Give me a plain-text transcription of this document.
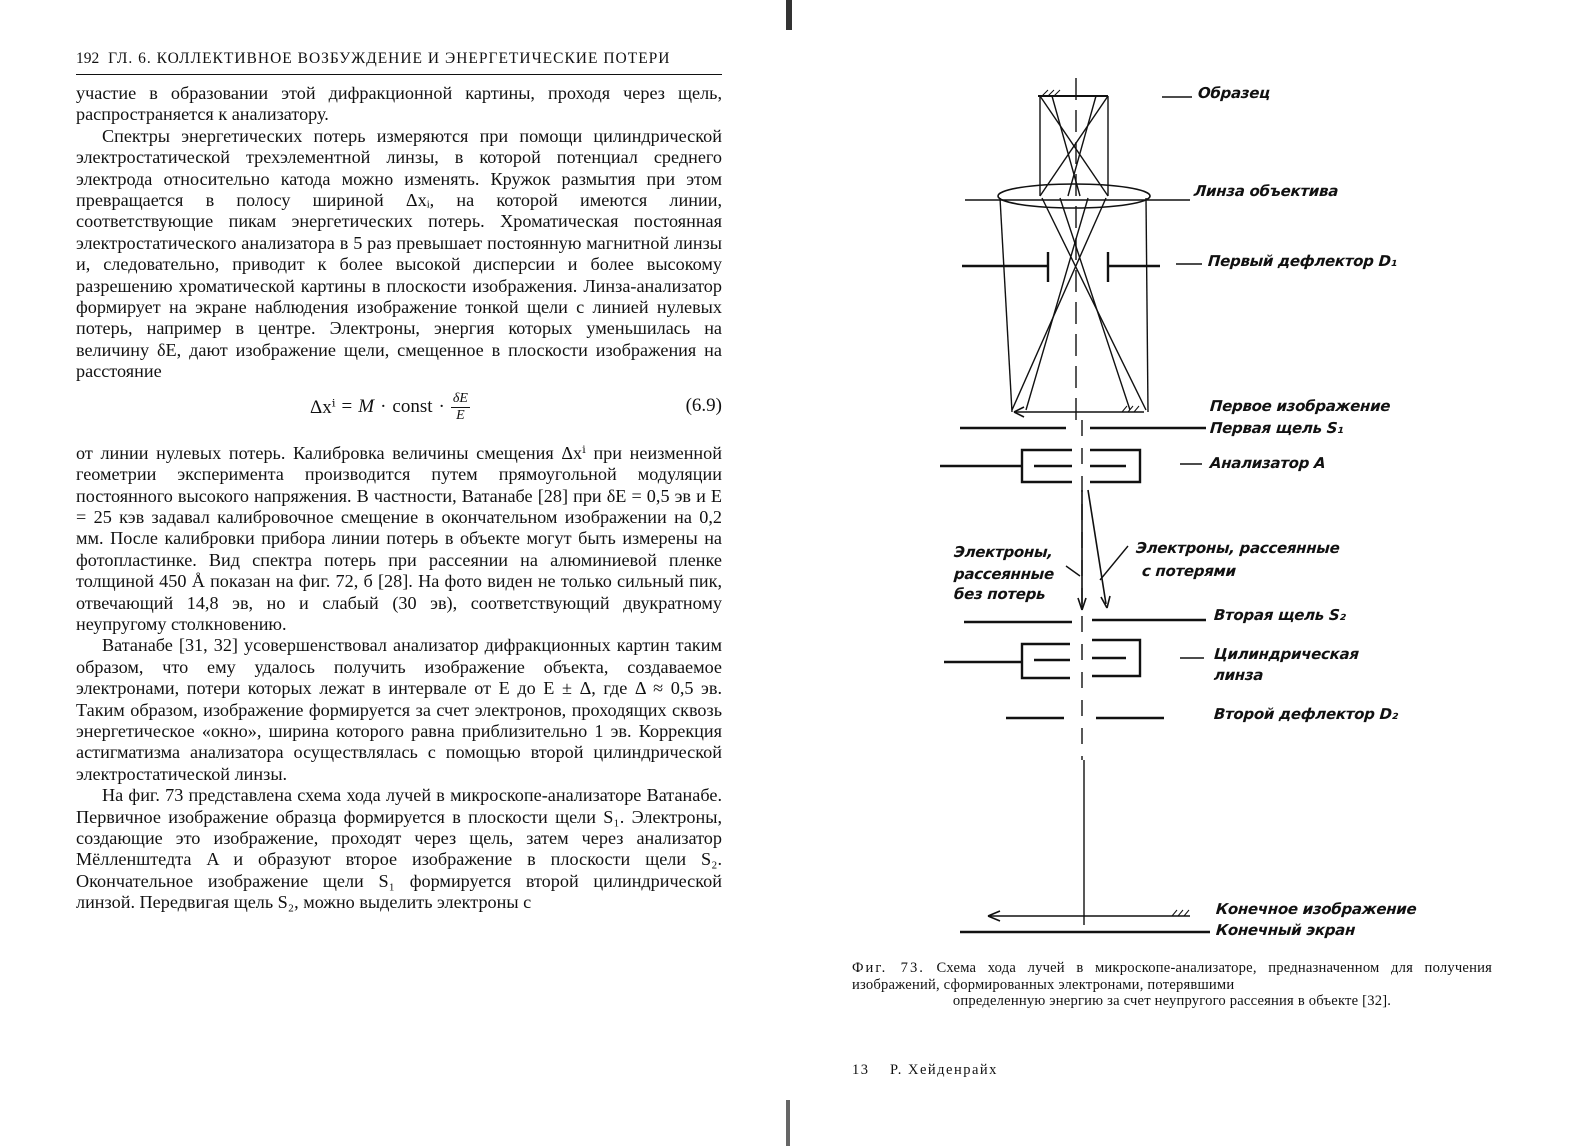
192 ГЛ. 6. КОЛЛЕКТИВНОЕ ВОЗБУЖДЕНИЕ И ЭНЕРГЕТИЧЕСКИЕ ПОТЕРИ

участие в образовании этой дифракционной картины, проходя через щель, распространяется к анализатору.

Спектры энергетических потерь измеряются при помощи цилиндрической электростатической трехэлементной линзы, в которой потенциал среднего электрода относительно катода можно изменять. Кружок размытия при этом превращается в полосу шириной Δxᵢ, на которой имеются линии, соответствующие пикам энергетических потерь. Хроматическая постоянная электростатического анализатора в 5 раз превышает постоянную магнитной линзы и, следовательно, приводит к более высокой дисперсии и более высокому разрешению хроматической картины в плоскости изображения. Линза-анализатор формирует на экране наблюдения изображение тонкой щели с линией нулевых потерь, например в центре. Электроны, энергия которых уменьшилась на величину δE, дают изображение щели, смещенное в плоскости изображения на расстояние

Δxⁱ = M · const · $\frac{\delta E}{E}$	(6.9)

от линии нулевых потерь. Калибровка величины смещения Δxⁱ при неизменной геометрии эксперимента производится путем прямоугольной модуляции постоянного высокого напряжения. В частности, Ватанабе [28] при δE = 0,5 эв и E = 25 кэв задавал калибровочное смещение в окончательном изображении на 0,2 мм. После калибровки прибора линии потерь в объекте могут быть измерены на фотопластинке. Вид спектра потерь при рассеянии на алюминиевой пленке толщиной 450 Å показан на фиг. 72, б [28]. На фото виден не только сильный пик, отвечающий 14,8 эв, но и слабый (30 эв), соответствующий двукратному неупругому столкновению.

Ватанабе [31, 32] усовершенствовал анализатор дифракционных картин таким образом, что ему удалось получить изображение объекта, создаваемое электронами, потери которых лежат в интервале от E до E ± Δ, где Δ ≈ 0,5 эв. Таким образом, изображение формируется за счет электронов, проходящих сквозь энергетическое «окно», ширина которого равна приблизительно 1 эв. Коррекция астигматизма анализатора осуществлялась с помощью второй цилиндрической электростатической линзы.

На фиг. 73 представлена схема хода лучей в микроскопе-анализаторе Ватанабе. Первичное изображение образца формируется в плоскости щели S₁. Электроны, создающие это изображение, проходят через щель, затем через анализатор Мёлленштедта A и образуют второе изображение в плоскости щели S₂. Окончательное изображение щели S₁ формируется второй цилиндрической линзой. Передвигая щель S₂, можно выделить электроны с

Образец
Линза объектива
Первый дефлектор D₁
Первое изображение
Первая щель S₁
Анализатор A
Электроны,
рассеянные
без потерь
Электроны, рассеянные
с потерями
Вторая щель S₂
Цилиндрическая
линза
Второй дефлектор D₂
Конечное изображение
Конечный экран
Фиг. 73. Схема хода лучей в микроскопе-анализаторе, предназначенном для получения изображений, сформированных электронами, потерявшими
определенную энергию за счет неупругого рассеяния в объекте [32].
13 Р. Хейденрайх
